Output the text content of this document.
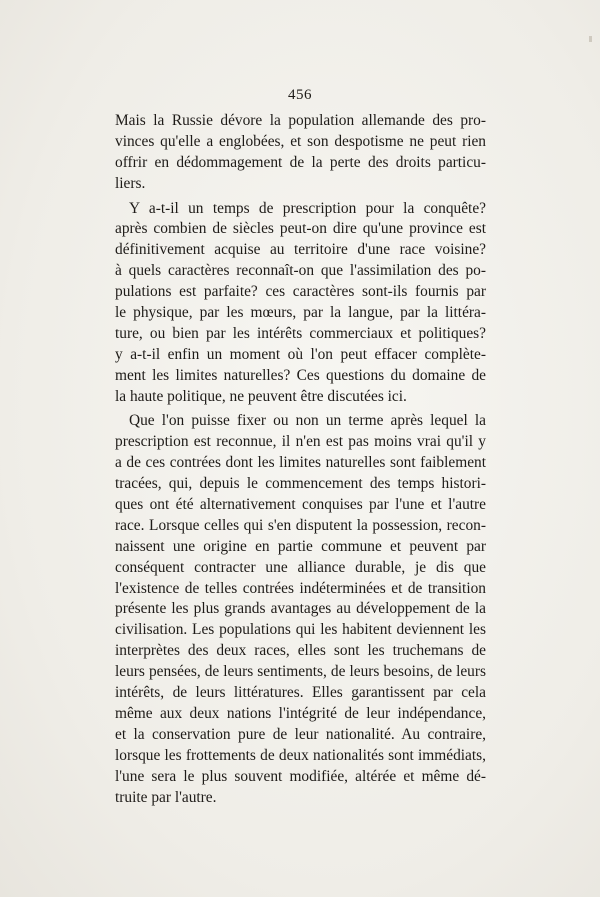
456
Mais la Russie dévore la population allemande des pro-
vinces qu'elle a englobées, et son despotisme ne peut rien
offrir en dédommagement de la perte des droits particu-
liers.
Y a-t-il un temps de prescription pour la conquête?
après combien de siècles peut-on dire qu'une province est
définitivement acquise au territoire d'une race voisine?
à quels caractères reconnaît-on que l'assimilation des po-
pulations est parfaite? ces caractères sont-ils fournis par
le physique, par les mœurs, par la langue, par la littéra-
ture, ou bien par les intérêts commerciaux et politiques?
y a-t-il enfin un moment où l'on peut effacer complète-
ment les limites naturelles? Ces questions du domaine de
la haute politique, ne peuvent être discutées ici.
Que l'on puisse fixer ou non un terme après lequel la
prescription est reconnue, il n'en est pas moins vrai qu'il y
a de ces contrées dont les limites naturelles sont faiblement
tracées, qui, depuis le commencement des temps histori-
ques ont été alternativement conquises par l'une et l'autre
race. Lorsque celles qui s'en disputent la possession, recon-
naissent une origine en partie commune et peuvent par
conséquent contracter une alliance durable, je dis que
l'existence de telles contrées indéterminées et de transition
présente les plus grands avantages au développement de la
civilisation. Les populations qui les habitent deviennent les
interprètes des deux races, elles sont les truchemans de
leurs pensées, de leurs sentiments, de leurs besoins, de leurs
intérêts, de leurs littératures. Elles garantissent par cela
même aux deux nations l'intégrité de leur indépendance,
et la conservation pure de leur nationalité. Au contraire,
lorsque les frottements de deux nationalités sont immédiats,
l'une sera le plus souvent modifiée, altérée et même dé-
truite par l'autre.
